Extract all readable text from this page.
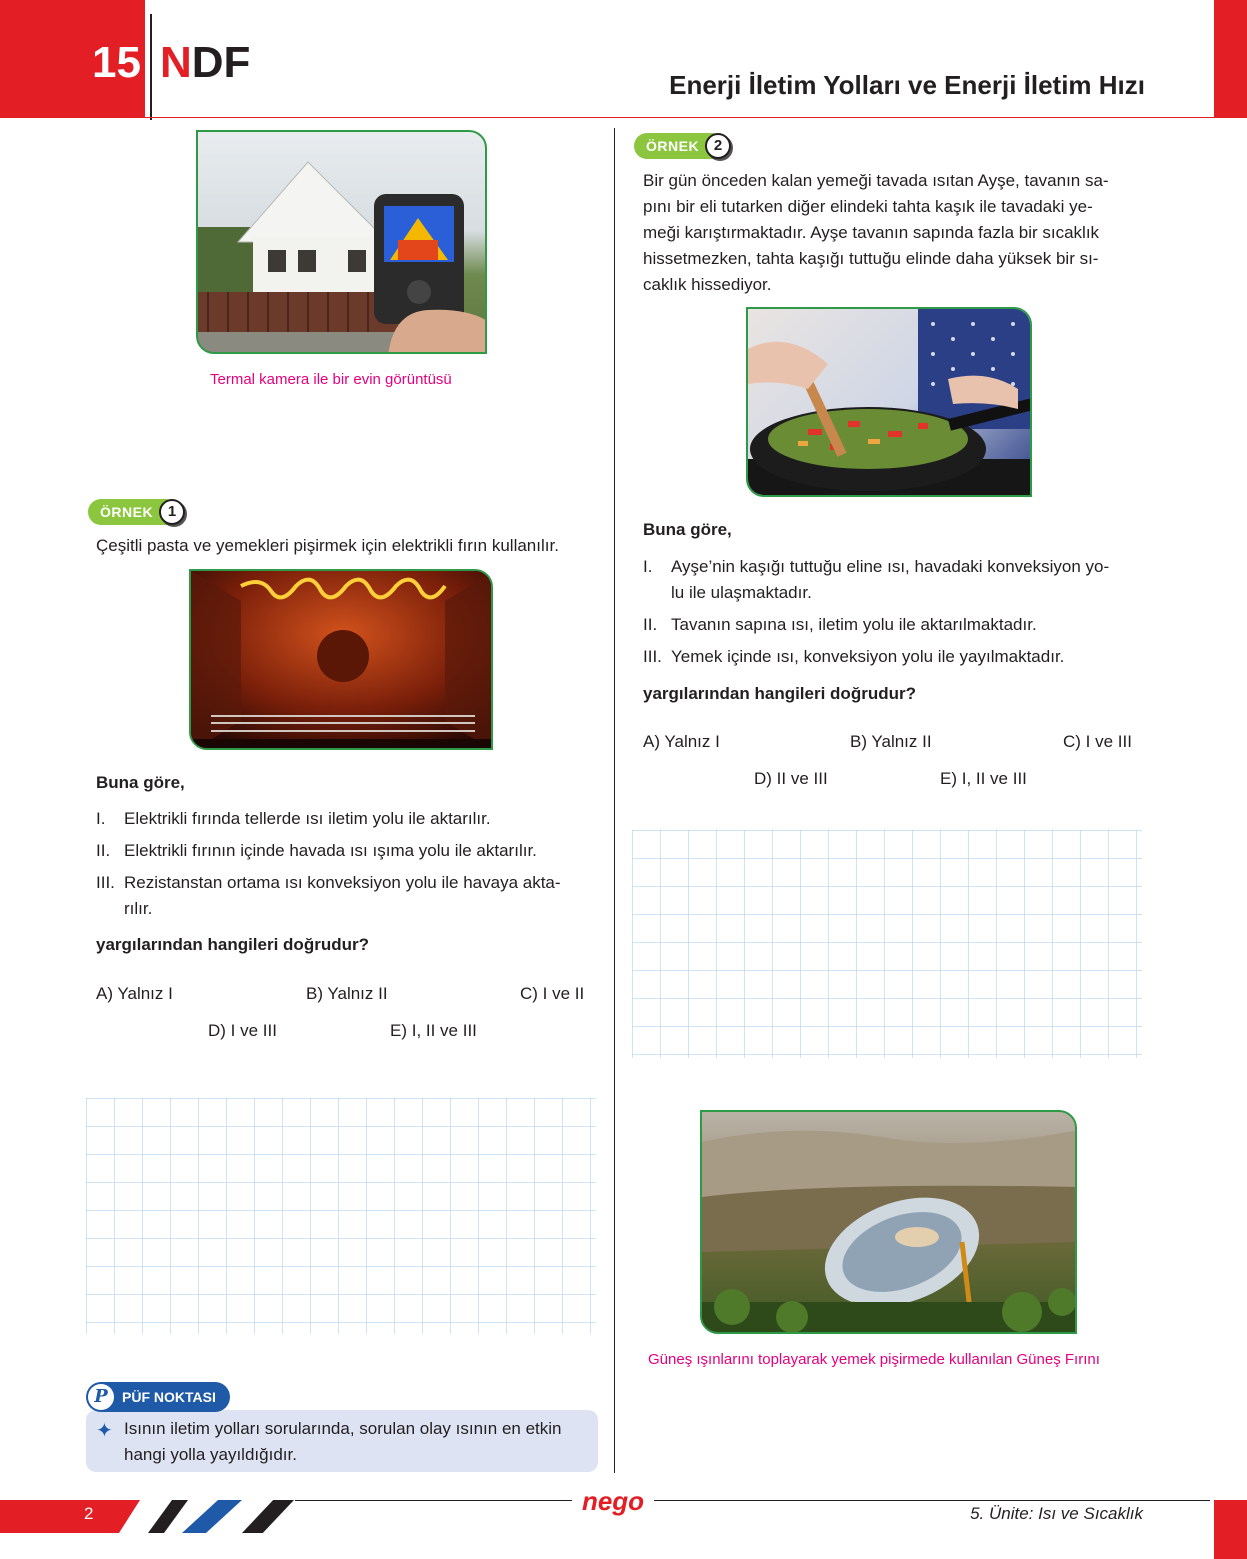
15 NDF	Enerji İletim Yolları ve Enerji İletim Hızı
Termal kamera ile bir evin görüntüsü
ÖRNEK 1
Çeşitli pasta ve yemekleri pişirmek için elektrikli fırın kullanılır.
Buna göre,
I. Elektrikli fırında tellerde ısı iletim yolu ile aktarılır.
II. Elektrikli fırının içinde havada ısı ışıma yolu ile aktarılır.
III. Rezistanstan ortama ısı konveksiyon yolu ile havaya akta-
rılır.
yargılarından hangileri doğrudur?
A) Yalnız I	B) Yalnız II	C) I ve II
D) I ve III	E) I, II ve III
P	PÜF NOKTASI
✦ Isının iletim yolları sorularında, sorulan olay ısının en etkin hangi yolla yayıldığıdır.
ÖRNEK 2
Bir gün önceden kalan yemeği tavada ısıtan Ayşe, tavanın sa-
pını bir eli tutarken diğer elindeki tahta kaşık ile tavadaki ye-
meği karıştırmaktadır. Ayşe tavanın sapında fazla bir sıcaklık
hissetmezken, tahta kaşığı tuttuğu elinde daha yüksek bir sı-
caklık hissediyor.
Buna göre,
I. Ayşe’nin kaşığı tuttuğu eline ısı, havadaki konveksiyon yo-
lu ile ulaşmaktadır.
II. Tavanın sapına ısı, iletim yolu ile aktarılmaktadır.
III. Yemek içinde ısı, konveksiyon yolu ile yayılmaktadır.
yargılarından hangileri doğrudur?
A) Yalnız I	B) Yalnız II	C) I ve III
D) II ve III	E) I, II ve III
Güneş ışınlarını toplayarak yemek pişirmede kullanılan Güneş Fırını
2	nego	5. Ünite: Isı ve Sıcaklık
